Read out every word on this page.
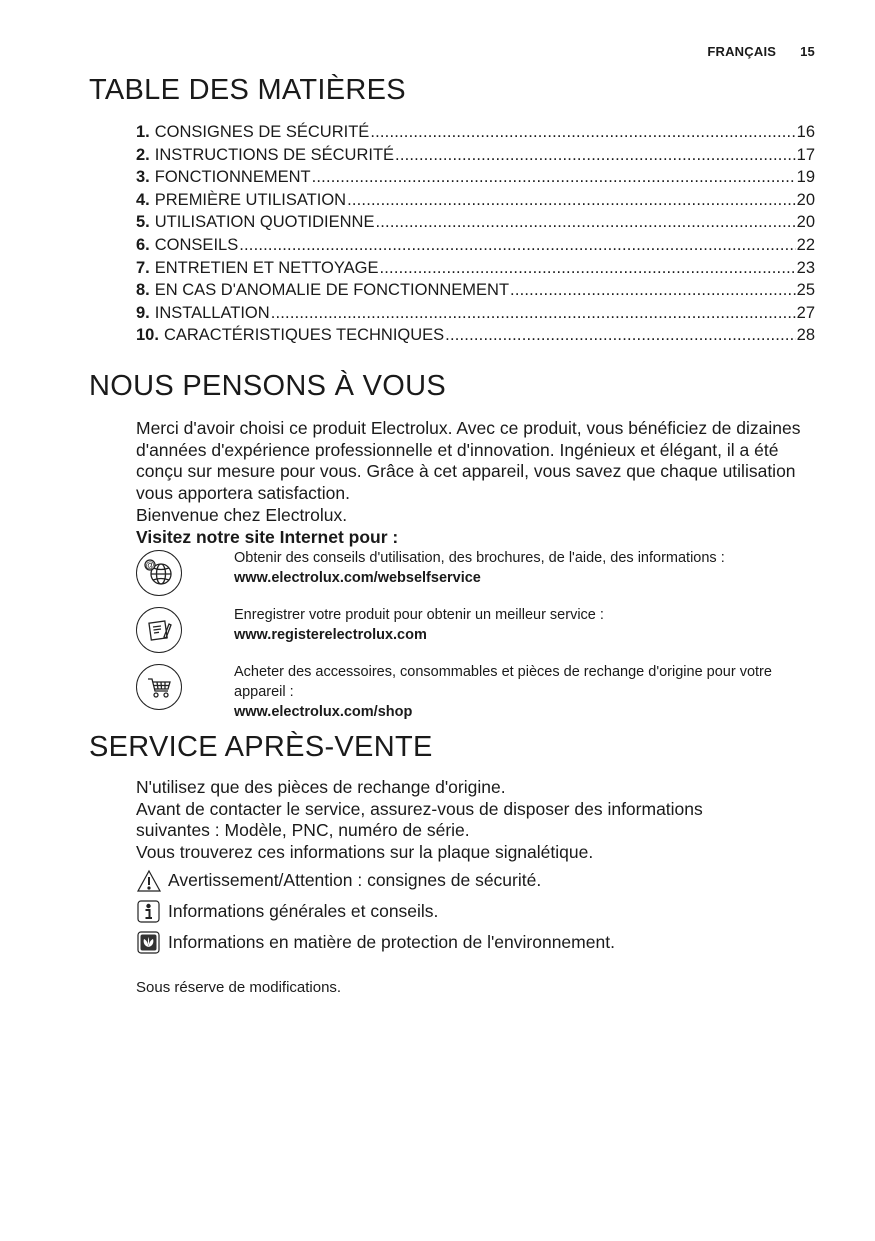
FRANÇAIS 15
TABLE DES MATIÈRES
1. CONSIGNES DE SÉCURITÉ .....	16
2. INSTRUCTIONS DE SÉCURITÉ .....	17
3. FONCTIONNEMENT .....	19
4. PREMIÈRE UTILISATION .....	20
5. UTILISATION QUOTIDIENNE .....	20
6. CONSEILS .....	22
7. ENTRETIEN ET NETTOYAGE .....	23
8. EN CAS D'ANOMALIE DE FONCTIONNEMENT .....	25
9. INSTALLATION .....	27
10. CARACTÉRISTIQUES TECHNIQUES .....	28
NOUS PENSONS À VOUS

Merci d'avoir choisi ce produit Electrolux. Avec ce produit, vous bénéficiez de dizaines d'années d'expérience professionnelle et d'innovation. Ingénieux et élégant, il a été conçu sur mesure pour vous. Grâce à cet appareil, vous savez que chaque utilisation vous apportera satisfaction.

Bienvenue chez Electrolux.

Visitez notre site Internet pour :

@	Obtenir des conseils d'utilisation, des brochures, de l'aide, des informations :
www.electrolux.com/webselfservice
Enregistrer votre produit pour obtenir un meilleur service :
www.registerelectrolux.com
Acheter des accessoires, consommables et pièces de rechange d'origine pour votre appareil :
www.electrolux.com/shop
SERVICE APRÈS-VENTE

N'utilisez que des pièces de rechange d'origine.

Avant de contacter le service, assurez-vous de disposer des informations suivantes : Modèle, PNC, numéro de série.

Vous trouverez ces informations sur la plaque signalétique.

Avertissement/Attention : consignes de sécurité.
Informations générales et conseils.
Informations en matière de protection de l'environnement.
Sous réserve de modifications.
